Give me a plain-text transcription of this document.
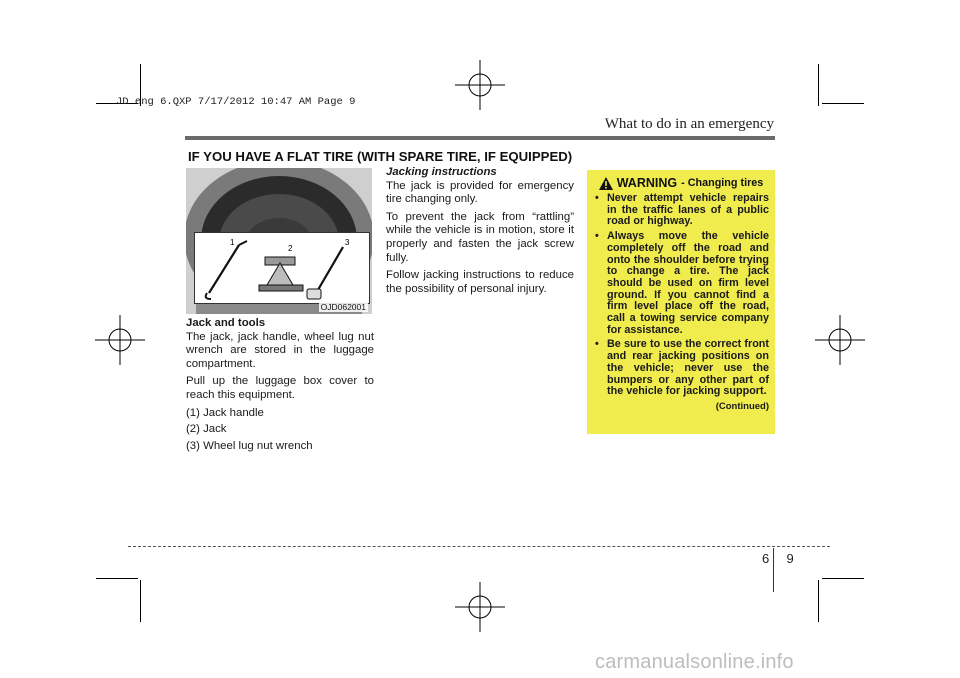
JD eng 6.QXP 7/17/2012 10:47 AM Page 9
What to do in an emergency
IF YOU HAVE A FLAT TIRE (WITH SPARE TIRE, IF EQUIPPED)
1
2
3
OJD062001

Jack and tools

The jack, jack handle, wheel lug nut wrench are stored in the luggage compartment.

Pull up the luggage box cover to reach this equipment.

(1) Jack handle
(2) Jack
(3) Wheel lug nut wrench

Jacking instructions

The jack is provided for emergency tire changing only.

To prevent the jack from “rattling” while the vehicle is in motion, store it properly and fasten the jack screw fully.

Follow jacking instructions to reduce the possibility of personal injury.

WARNING - Changing tires
• Never attempt vehicle repairs in the traffic lanes of a public road or highway.
• Always move the vehicle completely off the road and onto the shoulder before trying to change a tire. The jack should be used on firm level ground. If you cannot find a firm level place off the road, call a towing service company for assistance.
• Be sure to use the correct front and rear jacking positions on the vehicle; never use the bumpers or any other part of the vehicle for jacking support.
(Continued)
6 9
carmanualsonline.info
